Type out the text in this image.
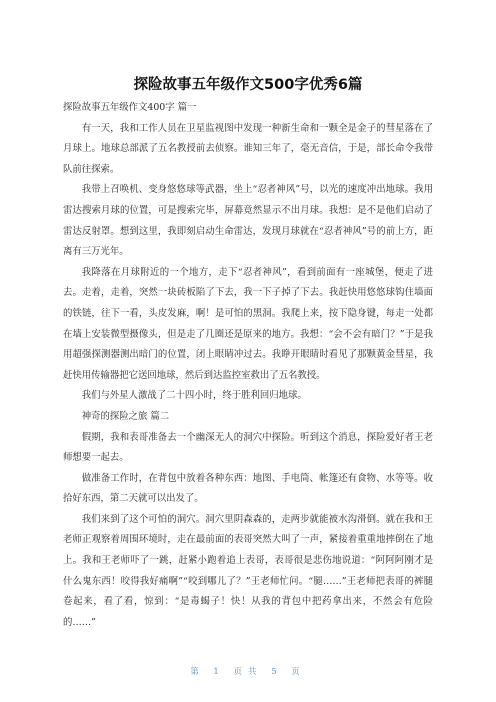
探险故事五年级作文500字优秀6篇

探险故事五年级作文400字 篇一

有一天，我和工作人员在卫星监视图中发现一种新生命和一颗全是金子的彗星落在了月球上。地球总部派了五名教授前去侦察。谁知三年了，毫无音信，于是，部长命令我带队前往探索。

我带上召唤机、变身悠悠球等武器，坐上“忍者神风”号，以光的速度冲出地球。我用雷达搜索月球的位置，可是搜索完毕，屏幕竟然显示不出月球。我想：是不是他们启动了雷达反射罩。想到这里，我即刻启动生命雷达，发现月球就在“忍者神风”号的前上方，距离有三万光年。

我降落在月球附近的一个地方，走下“忍者神风”，看到前面有一座城堡，便走了进去。走着，走着，突然一块砖板陷了下去，我一下子掉了下去。我赶快用悠悠球钩住墙面的铁链，往下一看，头皮发麻，啊！是可怕的黑洞。我爬上来，按下隐身键，每走一处都在墙上安装微型摄像头，但是走了几圈还是原来的地方。我想：“会不会有暗门？”于是我用超强探测器测出暗门的位置，闭上眼睛冲过去。我睁开眼睛时看见了那颗黄金彗星，我赶快用传输器把它送回地球，然后到达监控室救出了五名教授。

我们与外星人激战了二十四小时，终于胜利回归地球。

神奇的探险之旅 篇二

假期，我和表哥准备去一个幽深无人的洞穴中探险。听到这个消息，探险爱好者王老师想要一起去。

做准备工作时，在背包中放着各种东西：地图、手电筒、帐篷还有食物、水等等。收拾好东西，第二天就可以出发了。

我们来到了这个可怕的洞穴。洞穴里阴森森的，走两步就能被水沟滑倒。就在我和王老师正观察着周围环境时，走在最前面的表哥突然大叫了一声，紧接着重重地摔倒在了地上。我和王老师吓了一跳，赶紧小跑着追上表哥，表哥很是悲伤地说道：“阿阿阿刚才是什么鬼东西！咬得我好痛啊”“咬到哪儿了？”王老师忙问。“腿……”王老师把表哥的裤腿卷起来，看了看，惊到：“是毒蝎子！快！从我的背包中把药拿出来，不然会有危险的……”

第 1 页共 5 页
